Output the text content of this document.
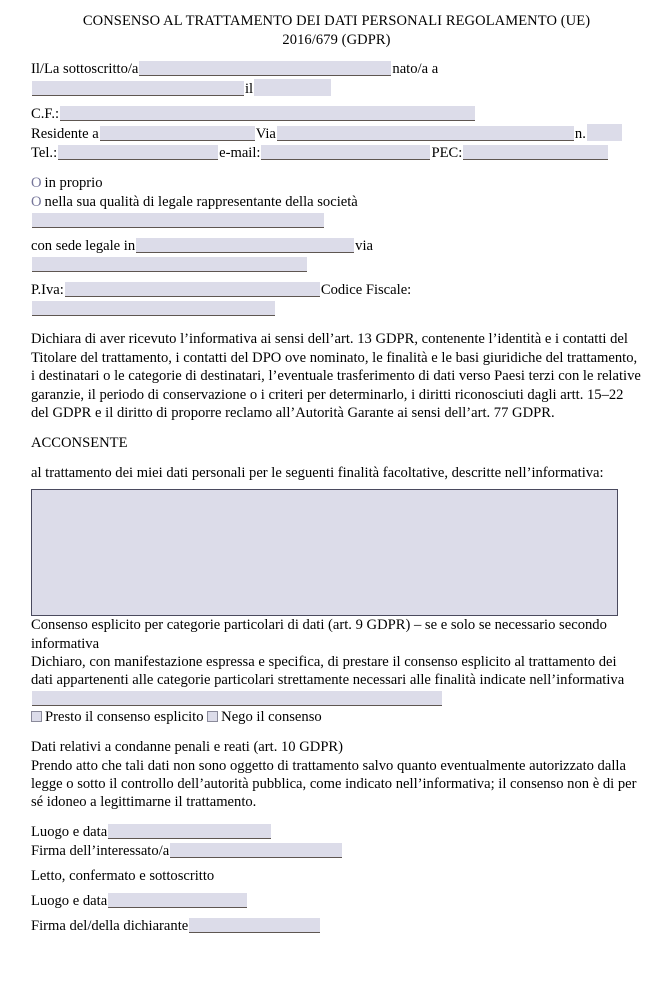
CONSENSO AL TRATTAMENTO DEI DATI PERSONALI REGOLAMENTO (UE)
2016/679 (GDPR)
Il/La sottoscritto/a	nato/a ail
C.F.:
Residente a	Via	n.
Tel.:	e-mail:	PEC:
O in proprio
O nella sua qualità di legale rappresentante della società
con sede legale in	via
P.Iva:	Codice Fiscale:

Dichiara di aver ricevuto l’informativa ai sensi dell’art. 13 GDPR, contenente l’identità e i contatti del Titolare del trattamento, i contatti del DPO ove nominato, le finalità e le basi giuridiche del trattamento, i destinatari o le categorie di destinatari, l’eventuale trasferimento di dati verso Paesi terzi con le relative garanzie, il periodo di conservazione o i criteri per determinarlo, i diritti riconosciuti dagli artt. 15–22 del GDPR e il diritto di proporre reclamo all’Autorità Garante ai sensi dell’art. 77 GDPR.

ACCONSENTE

al trattamento dei miei dati personali per le seguenti finalità facoltative, descritte nell’informativa:

Consenso esplicito per categorie particolari di dati (art. 9 GDPR) – se e solo se necessario secondo informativa

Dichiaro, con manifestazione espressa e specifica, di prestare il consenso esplicito al trattamento dei dati appartenenti alle categorie particolari strettamente necessari alle finalità indicate nell’informativa

Presto il consenso esplicito Nego il consenso

Dati relativi a condanne penali e reati (art. 10 GDPR)

Prendo atto che tali dati non sono oggetto di trattamento salvo quanto eventualmente autorizzato dalla legge o sotto il controllo dell’autorità pubblica, come indicato nell’informativa; il consenso non è di per sé idoneo a legittimarne il trattamento.

Luogo e data
Firma dell’interessato/a
Letto, confermato e sottoscritto
Luogo e data
Firma del/della dichiarante
